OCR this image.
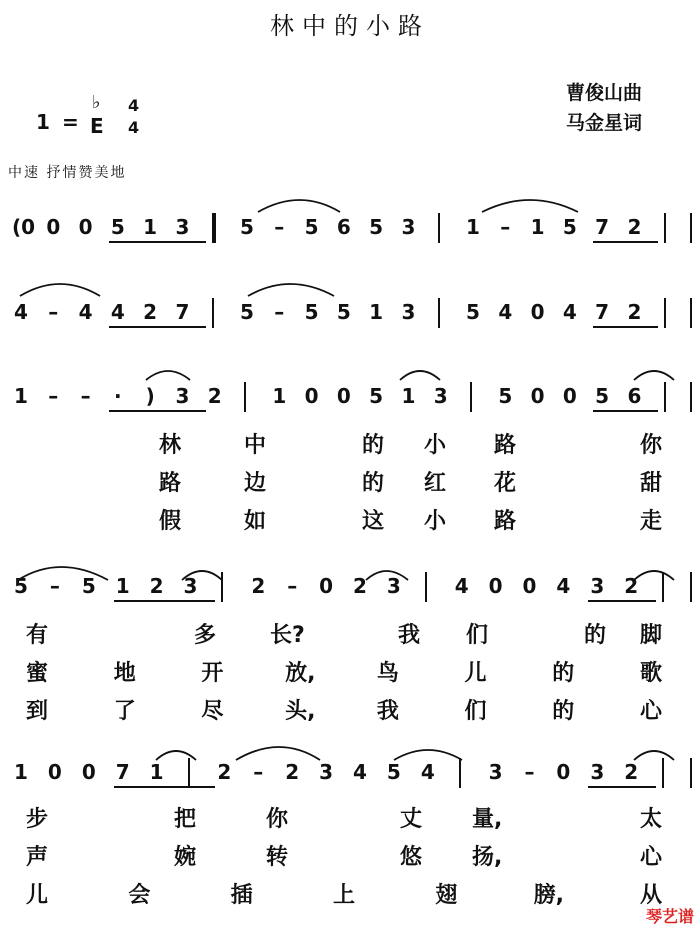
林中的小路
曹俊山曲
马金星词
1 =
♭
E
4
4
中速 抒情赞美地
(0 0 0 5 1 3	5 – 5 6 5 3	1 – 1 5 7 2
4 – 4 4 2 7	5 – 5 5 1 3	5 4 0 4 7 2
1 – – · ) 3 2	1 0 0 5 1 3	5 0 0 5 6
5 – 5 1 2 3	2 – 0 2 3	4 0 0 4 3 2
1 0 0 7 1	2 – 2 3 4 5 4	3 – 0 3 2
林	中	的 小 路	你
路	边	的 红 花	甜
假	如	这 小 路	走
有	多 长?	我 们	的 脚
蜜	地	开	放,	鸟	儿	的	歌
到	了	尽	头,	我	们	的	心
步	把	你	丈 量,	太
声	婉	转	悠 扬,	心
儿	会	插	上	翅	膀,	从
琴艺谱
